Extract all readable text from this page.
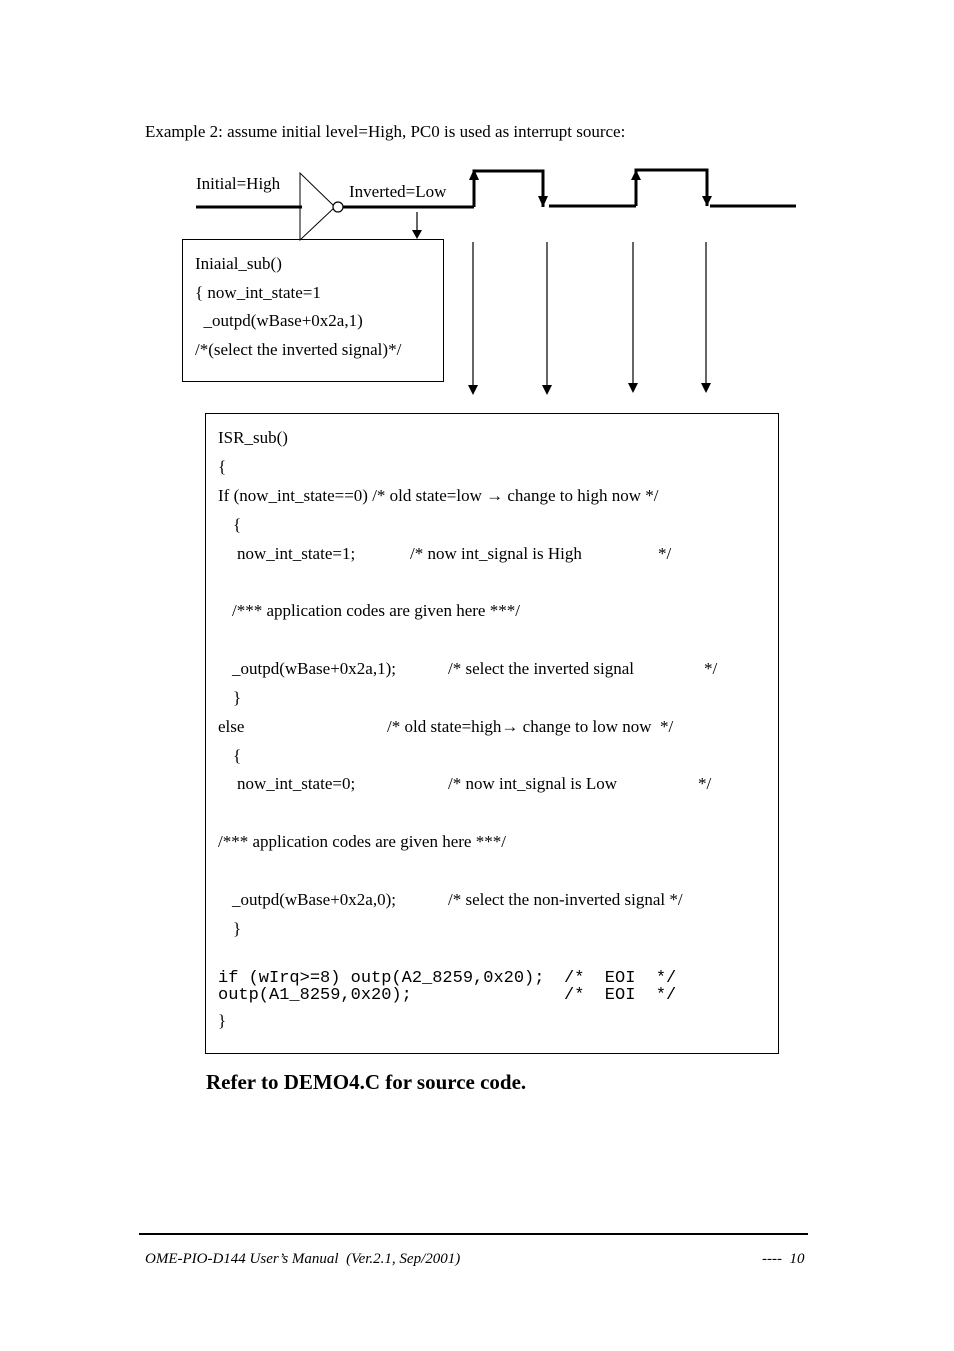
Example 2: assume initial level=High, PC0 is used as interrupt source:
Initial=High	Inverted=Low
Iniaial_sub()
{ now_int_state=1
_outpd(wBase+0x2a,1)
/*(select the inverted signal)*/
ISR_sub()
{
If (now_int_state==0) /* old state=low → change to high now */
{
now_int_state=1;	/* now int_signal is High	*/
/*** application codes are given here ***/
_outpd(wBase+0x2a,1);	/* select the inverted signal	*/
}
else	/* old state=high→ change to low now  */
{
now_int_state=0;	/* now int_signal is Low	*/
/*** application codes are given here ***/
_outpd(wBase+0x2a,0);	/* select the non-inverted signal */
}
if (wIrq>=8) outp(A2_8259,0x20); /*  EOI  */
outp(A1_8259,0x20);	/*  EOI  */
}
Refer to DEMO4.C for source code.
OME-PIO-D144 User’s Manual  (Ver.2.1, Sep/2001)	----  10
